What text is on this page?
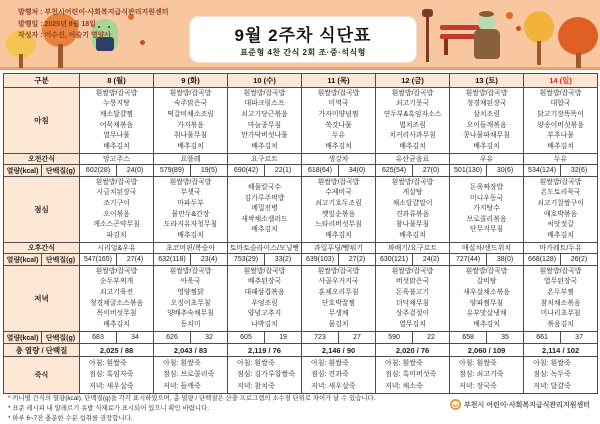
발행처 : 부천시어린이·사회복지급식관리지원센터
발행일 : 2025년 8월 18일
작성자 : 이수진, 이슬기 영양사	9월 2주차 식단표
표준형 4찬 간식 2회 조·중·석식형
구분		8 (월)		9 (화)		10 (수)		11 (목)		12 (금)		13 (토)		14 (일)	
아침	
흰쌀밥/잡곡밥
누룽지탕
채소달걀찜
어묵채볶음
열무나물
배추김치

흰쌀밥/잡곡밥
숙주맑은국
떡갈비채소조림
가지볶음
취나물무침
배추김치

흰쌀밥/잡곡밥
대파크림스프
쇠고기당근볶음
마늘종무침
만가닥버섯나물
배추김치

흰쌀밥/잡곡밥
미역국
가자미양념찜
쑥갓나물
두유
배추김치

흰쌀밥/잡곡밥
쇠고기뭇국
연두부&흑임자소스
멸치조림
치커리사과무침
배추김치

흰쌀밥/잡곡밥
청경채된장국
삼치조림
오이들깨볶음
콩나물파채무침
배추김치

흰쌀밥/잡곡밥
대합국
닭고기장똑똑이
양송이버섯볶음
부추나물
배추김치

오전간식		망고주스		요플레		요구르트		생강차		유산균음료		우유		두유	
열량(kcal)	단백질(g)	602(28)	24(0)	579(89)	19(5)	690(42)	22(1)	618(64)	34(0)	625(54)	27(0)	501(130)	30(6)	534(124)	32(6)
점심	
흰쌀밥/잡곡밥
시금치된장국
조기구이
오이볶음
깨소스곤약무침
파김치

흰쌀밥/잡곡밥
무챗국
마파두부
물만두&간장
도라지유자청무침
배추김치

해물칼국수
김가루주먹밥
메밀전병
새싹채소샐러드
배추김치

흰쌀밥/잡곡밥
수제비국
쇠고기호두조림
깻잎순볶음
느타리버섯무침
배추김치

흰쌀밥/잡곡밥
게살탕
채소달걀말이
견과류볶음
참나물무침
배추김치

돈육짜장밥
미니우동국
가지탕수
브로콜리볶음
단무지무침

흰쌀밥/잡곡밥
온도토리묵국
쇠고기찹쌀구이
애호박볶음
씨앗젓갈
배추김치

오후간식		시리얼&우유		초코머핀/복숭아		토마토슬라이스/모닝빵		과일푸딩/빵튀기		꽈배기/요구르트		매실차/샌드위치		마가레트/두유	
열량(kcal)	단백질(g)	547(165)	27(4)	632(118)	23(4)	753(29)	33(2)	639(103)	27(2)	630(121)	24(2)	727(44)	38(0)	668(128)	26(2)
저녁	
흰쌀밥/잡곡밥
순두부찌개
쇠고기육전
청경채굴소스볶음
목이버섯무침
배추김치

흰쌀밥/잡곡밥
아욱국
영양찜닭
오징어초무침
양배추숙채무침
동치미

흰쌀밥/잡곡밥
배추된장국
대패삼겹볶음
우엉조림
양념고추지
나박김치

흰쌀밥/잡곡밥
사골우거지국
훈제오리무침
단호박꿀찜
무생채
물김치

흰쌀밥/잡곡밥
버섯맑은국
돈육불고기
더덕채무침
상추겉절이
열무김치

흰쌀밥/잡곡밥
갈비탕
새우살채소볶음
양파찜무침
유부맛살냉채
배추김치

흰쌀밥/잡곡밥
열무된장국
온두부찜
참치채소볶음
미나리초무침
볶음김치

열량(kcal)	단백질(g)	683	34	626	32	605	19	723	27	590	22	658	35	661	37
총 열량 / 단백질		2,025 / 88		2,043 / 83		2,119 / 76		2,146 / 90		2,020 / 76		2,060 / 109		2,114 / 102	
죽식	
아침: 흰쌀죽
점심: 흑임자죽
저녁: 새우살죽

아침: 흰쌀죽
점심: 브로콜리죽
저녁: 들깨죽

아침: 흰쌀죽
점심: 김가루찹쌀죽
저녁: 참치죽

아침: 흰쌀죽
점심: 견과죽
저녁: 새우살죽

아침: 흰쌀죽
점심: 흑미버섯죽
저녁: 채소죽

아침: 흰쌀죽
점심: 쇠고기죽
저녁: 장국죽

아침: 흰쌀죽
점심: 녹두죽
저녁: 달걀죽
* 끼니별 간식의 열량(kcal), 단백질(g)을 각각 표시하였으며, 총 열량 / 단백질은 산출 프로그램의 소수점 단위로 차이가 날 수 있습니다.
* 표준 레시피 내 알레르기 유발 식재료가 표시되어 있으니 확인 바랍니다.
* 하루 6~7잔 충분한 수분 섭취를 권장합니다.
부천시 어린이·사회복지급식관리지원센터
